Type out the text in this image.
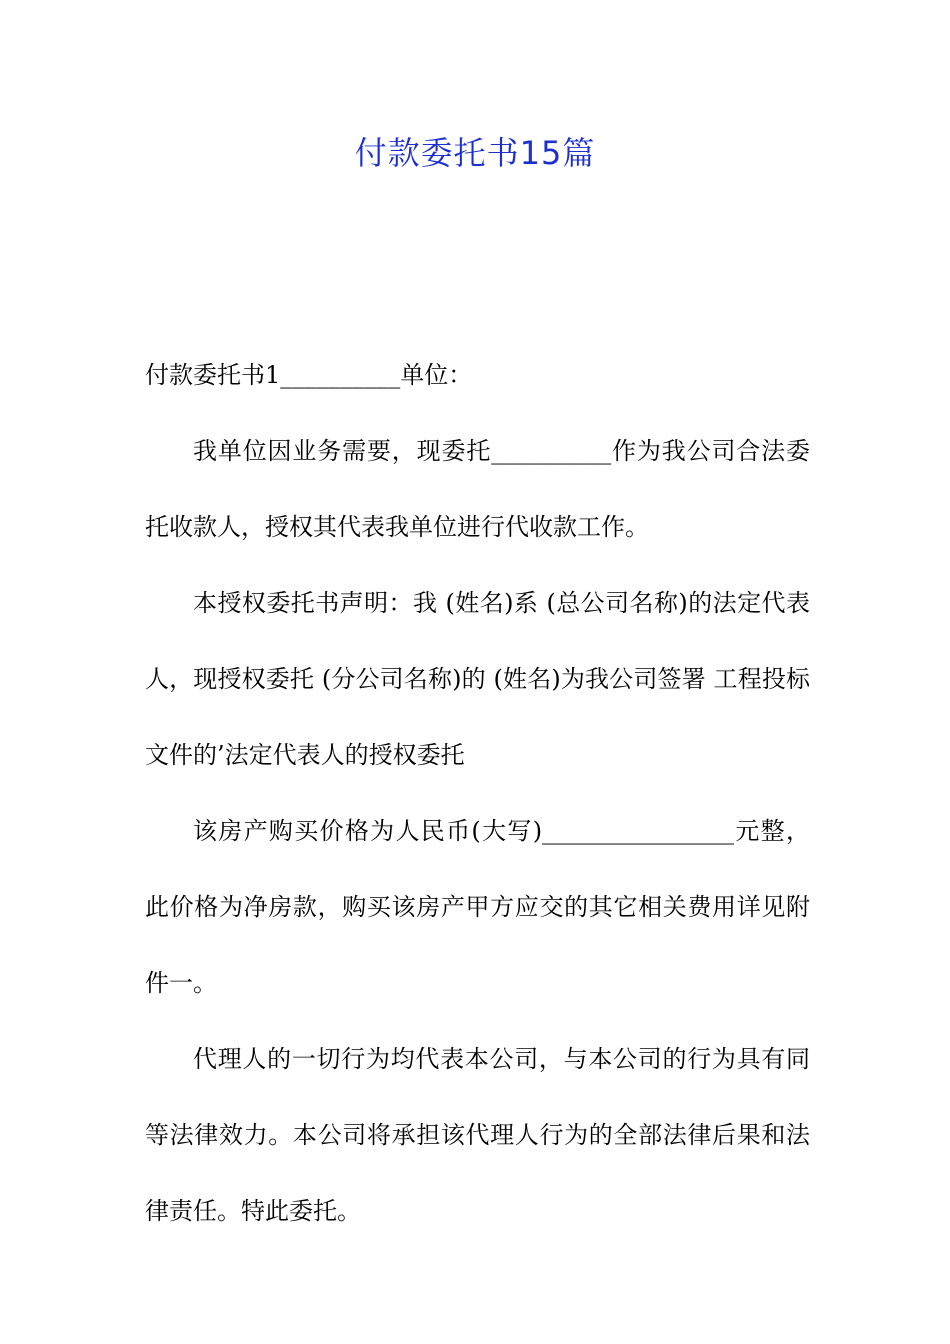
付款委托书15篇

付款委托书1__________单位：

我单位因业务需要，现委托__________作为我公司合法委托收款人，授权其代表我单位进行代收款工作。

本授权委托书声明：我 (姓名)系 (总公司名称)的法定代表人，现授权委托 (分公司名称)的 (姓名)为我公司签署 工程投标文件的’法定代表人的授权委托

该房产购买价格为人民币(大写)________________元整，此价格为净房款，购买该房产甲方应交的其它相关费用详见附件一。

代理人的一切行为均代表本公司，与本公司的行为具有同等法律效力。本公司将承担该代理人行为的全部法律后果和法律责任。特此委托。
